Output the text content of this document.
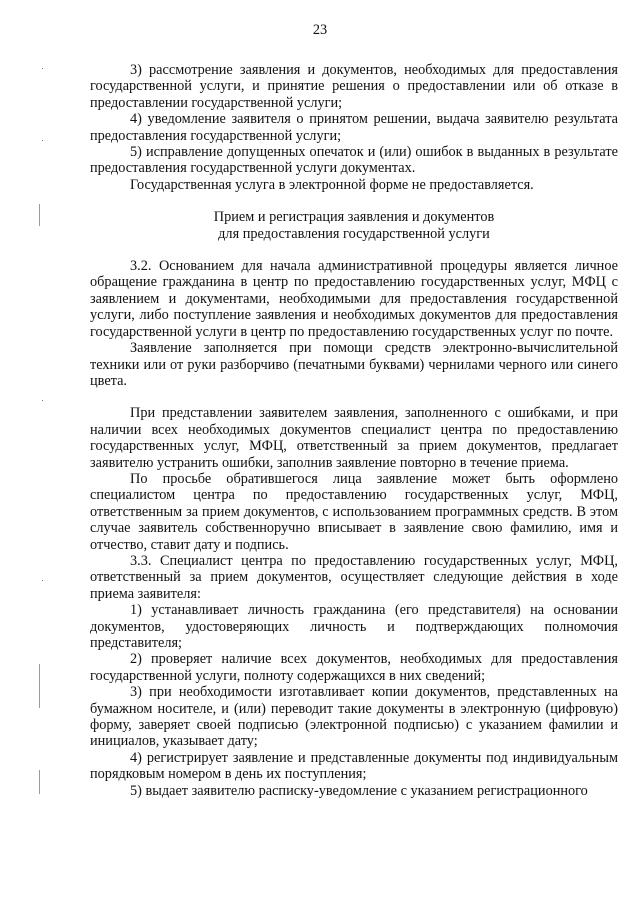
23

3) рассмотрение заявления и документов, необходимых для предоставления государственной услуги, и принятие решения о предоставлении или об отказе в предоставлении государственной услуги;

4) уведомление заявителя о принятом решении, выдача заявителю результата предоставления государственной услуги;

5) исправление допущенных опечаток и (или) ошибок в выданных в результате предоставления государственной услуги документах.

Государственная услуга в электронной форме не предоставляется.

Прием и регистрация заявления и документов

для предоставления государственной услуги

3.2. Основанием для начала административной процедуры является личное обращение гражданина в центр по предоставлению государственных услуг, МФЦ с заявлением и документами, необходимыми для предоставления государственной услуги, либо поступление заявления и необходимых документов для предоставления государственной услуги в центр по предоставлению государственных услуг по почте.

Заявление заполняется при помощи средств электронно-вычислительной техники или от руки разборчиво (печатными буквами) чернилами черного или синего цвета.

При представлении заявителем заявления, заполненного с ошибками, и при наличии всех необходимых документов специалист центра по предоставлению государственных услуг, МФЦ, ответственный за прием документов, предлагает заявителю устранить ошибки, заполнив заявление повторно в течение приема.

По просьбе обратившегося лица заявление может быть оформлено специалистом центра по предоставлению государственных услуг, МФЦ, ответственным за прием документов, с использованием программных средств. В этом случае заявитель собственноручно вписывает в заявление свою фамилию, имя и отчество, ставит дату и подпись.

3.3. Специалист центра по предоставлению государственных услуг, МФЦ, ответственный за прием документов, осуществляет следующие действия в ходе приема заявителя:

1) устанавливает личность гражданина (его представителя) на основании документов, удостоверяющих личность и подтверждающих полномочия представителя;

2) проверяет наличие всех документов, необходимых для предоставления государственной услуги, полноту содержащихся в них сведений;

3) при необходимости изготавливает копии документов, представленных на бумажном носителе, и (или) переводит такие документы в электронную (цифровую) форму, заверяет своей подписью (электронной подписью) с указанием фамилии и инициалов, указывает дату;

4) регистрирует заявление и представленные документы под индивидуальным порядковым номером в день их поступления;

5) выдает заявителю расписку-уведомление с указанием регистрационного
